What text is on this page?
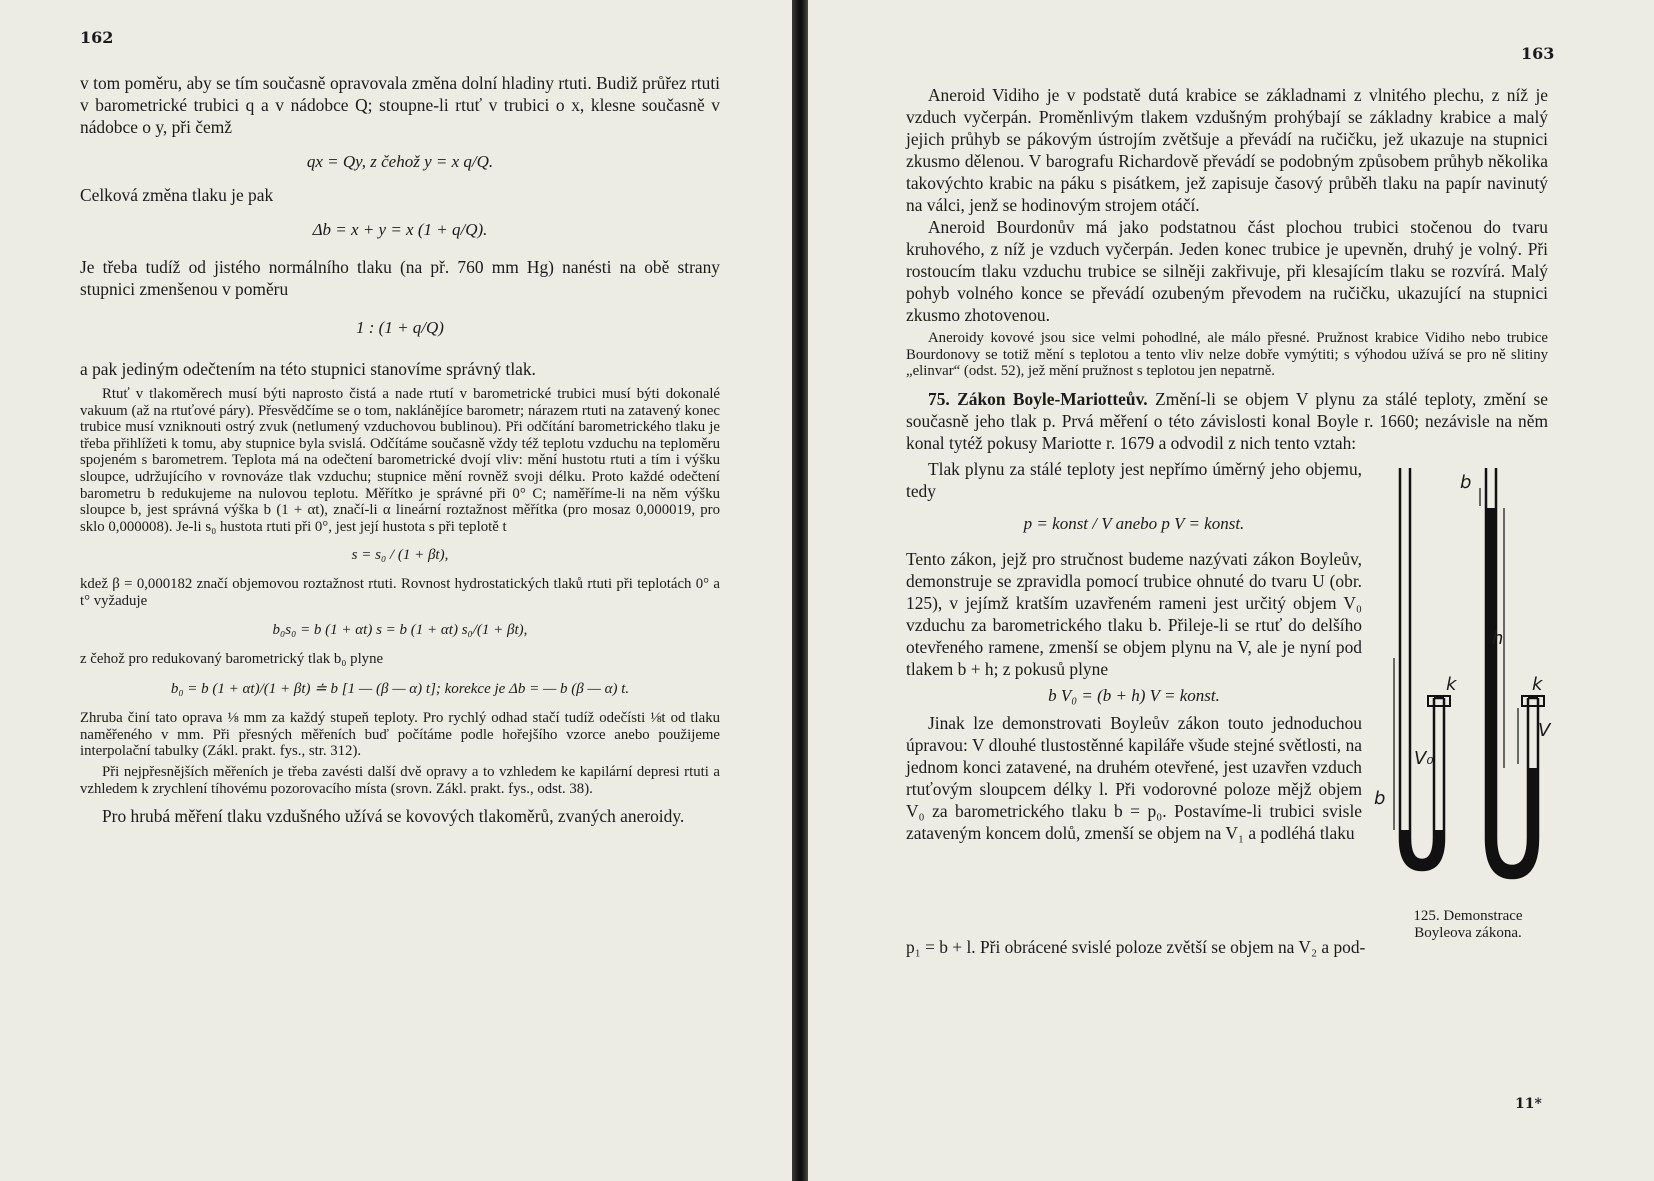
162

v tom poměru, aby se tím současně opravovala změna dolní hladiny rtuti. Budiž průřez rtuti v barometrické trubici q a v nádobce Q; stoupne-li rtuť v trubici o x, klesne současně v nádobce o y, při čemž

qx = Qy, z čehož y = x q/Q.

Celková změna tlaku je pak

Δb = x + y = x (1 + q/Q).

Je třeba tudíž od jistého normálního tlaku (na př. 760 mm Hg) nanésti na obě strany stupnici zmenšenou v poměru

1 : (1 + q/Q)

a pak jediným odečtením na této stupnici stanovíme správný tlak.

Rtuť v tlakoměrech musí býti naprosto čistá a nade rtutí v barometrické trubici musí býti dokonalé vakuum (až na rtuťové páry). Přesvědčíme se o tom, naklánějíce barometr; nárazem rtuti na zatavený konec trubice musí vzniknouti ostrý zvuk (netlumený vzduchovou bublinou). Při odčítání barometrického tlaku je třeba přihlížeti k tomu, aby stupnice byla svislá. Odčítáme současně vždy též teplotu vzduchu na teploměru spojeném s barometrem. Teplota má na odečtení barometrické dvojí vliv: mění hustotu rtuti a tím i výšku sloupce, udržujícího v rovnováze tlak vzduchu; stupnice mění rovněž svoji délku. Proto každé odečtení barometru b redukujeme na nulovou teplotu. Měřítko je správné při 0° C; naměříme-li na něm výšku sloupce b, jest správná výška b (1 + αt), značí-li α lineární roztažnost měřítka (pro mosaz 0,000019, pro sklo 0,000008). Je-li s₀ hustota rtuti při 0°, jest její hustota s při teplotě t

s = s₀ / (1 + βt),

kdež β = 0,000182 značí objemovou roztažnost rtuti. Rovnost hydrostatických tlaků rtuti při teplotách 0° a t° vyžaduje

b₀s₀ = b (1 + αt) s = b (1 + αt) s₀/(1 + βt),

z čehož pro redukovaný barometrický tlak b₀ plyne

b₀ = b (1 + αt)/(1 + βt) ≐ b [1 — (β — α) t]; korekce je Δb = — b (β — α) t.

Zhruba činí tato oprava ⅛ mm za každý stupeň teploty. Pro rychlý odhad stačí tudíž odečísti ⅛t od tlaku naměřeného v mm. Při přesných měřeních buď počítáme podle hořejšího vzorce anebo použijeme interpolační tabulky (Zákl. prakt. fys., str. 312).

Při nejpřesnějších měřeních je třeba zavésti další dvě opravy a to vzhledem ke kapilární depresi rtuti a vzhledem k zrychlení tíhovému pozorovacího místa (srovn. Zákl. prakt. fys., odst. 38).

Pro hrubá měření tlaku vzdušného užívá se kovových tlakoměrů, zvaných aneroidy.

Aneroid Vidiho je v podstatě dutá krabice se základnami z vlnitého plechu, z níž je vzduch vyčerpán. Proměnlivým tlakem vzdušným prohýbají se základny krabice a malý jejich průhyb se pákovým ústrojím zvětšuje a převádí na ručičku, jež ukazuje na stupnici zkusmo dělenou. V barografu Richardově převádí se podobným způsobem průhyb několika takovýchto krabic na páku s pisátkem, jež zapisuje časový průběh tlaku na papír navinutý na válci, jenž se hodinovým strojem otáčí.

Aneroid Bourdonův má jako podstatnou část plochou trubici stočenou do tvaru kruhového, z níž je vzduch vyčerpán. Jeden konec trubice je upevněn, druhý je volný. Při rostoucím tlaku vzduchu trubice se silněji zakřivuje, při klesajícím tlaku se rozvírá. Malý pohyb volného konce se převádí ozubeným převodem na ručičku, ukazující na stupnici zkusmo zhotovenou.

Aneroidy kovové jsou sice velmi pohodlné, ale málo přesné. Pružnost krabice Vidiho nebo trubice Bourdonovy se totiž mění s teplotou a tento vliv nelze dobře vymýtiti; s výhodou užívá se pro ně slitiny „elinvar“ (odst. 52), jež mění pružnost s teplotou jen nepatrně.

75. Zákon Boyle-Mariotteův. Změní-li se objem V plynu za stálé teploty, změní se současně jeho tlak p. Prvá měření o této závislosti konal Boyle r. 1660; nezávisle na něm konal tytéž pokusy Mariotte r. 1679 a odvodil z nich tento vztah:

Tlak plynu za stálé teploty jest nepřímo úměrný jeho objemu, tedy

p = konst / V anebo p V = konst.

Tento zákon, jejž pro stručnost budeme nazývati zákon Boyleův, demonstruje se zpravidla pomocí trubice ohnuté do tvaru U (obr. 125), v jejímž kratším uzavřeném rameni jest určitý objem V₀ vzduchu za barometrického tlaku b. Přileje-li se rtuť do delšího otevřeného ramene, zmenší se objem plynu na V, ale je nyní pod tlakem b + h; z pokusů plyne

b V₀ = (b + h) V = konst.

Jinak lze demonstrovati Boyleův zákon touto jednoduchou úpravou: V dlouhé tlustostěnné kapiláře všude stejné světlosti, na jednom konci zatavené, na druhém otevřené, jest uzavřen vzduch rtuťovým sloupcem délky l. Při vodorovné poloze mějž objem V₀ za barometrického tlaku b = p₀. Postavíme-li trubici svisle zataveným koncem dolů, zmenší se objem na V₁ a podléhá tlaku

b
b
h
k	k
V₀
V
125. Demonstrace Boyleova zákona.

p₁ = b + l. Při obrácené svislé poloze zvětší se objem na V₂ a pod-

163
11*
